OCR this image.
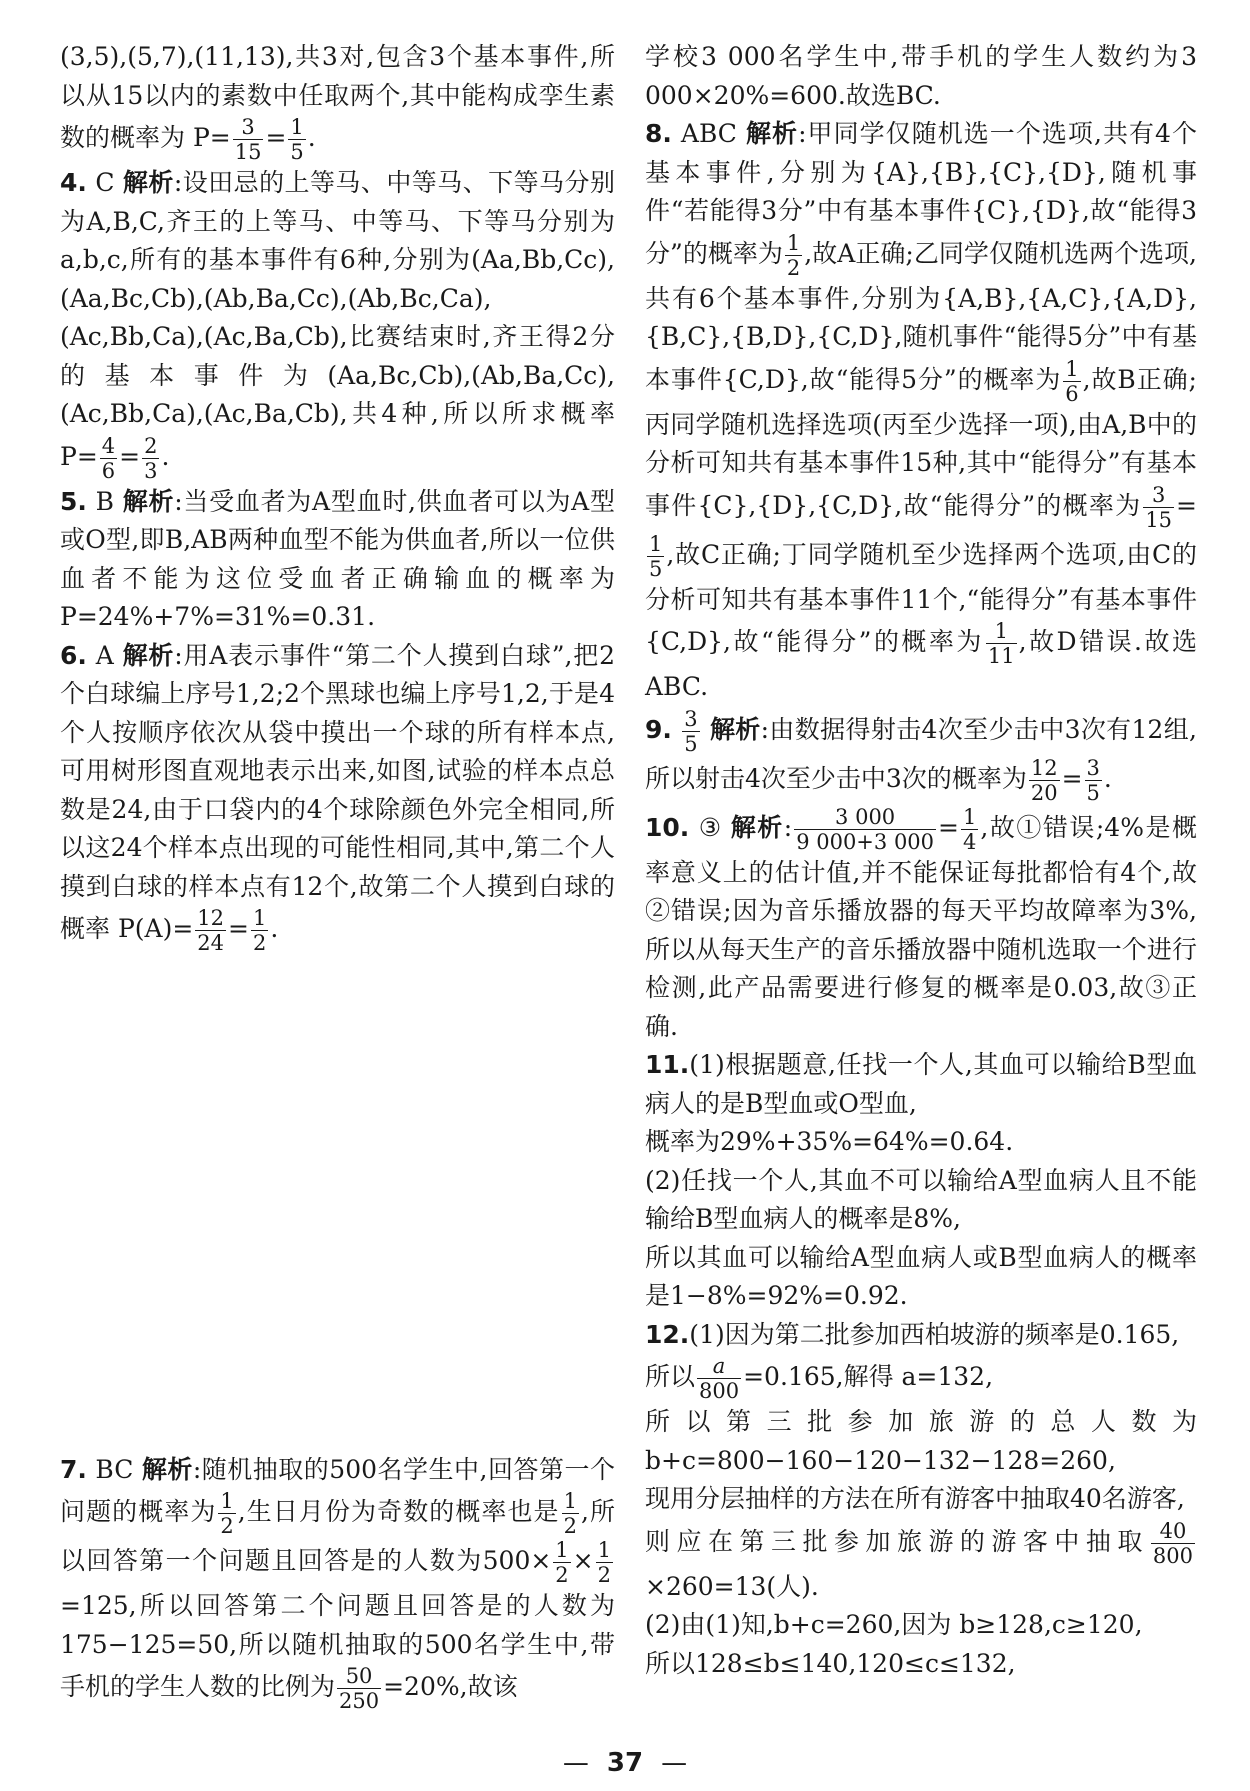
(3,5),(5,7),(11,13),共3对,包含3个基本事件,所以从15以内的素数中任取两个,其中能构成孪生素数的概率为 $P= \frac{3}{15} = \frac{1}{5}$ .

4. C 解析:设田忌的上等马、中等马、下等马分别为A,B,C,齐王的上等马、中等马、下等马分别为a,b,c,所有的基本事件有6种,分别为(Aa,Bb,Cc),(Aa,Bc,Cb),(Ab,Ba,Cc),(Ab,Bc,Ca),(Ac,Bb,Ca),(Ac,Ba,Cb),比赛结束时,齐王得2分的基本事件为(Aa,Bc,Cb),(Ab,Ba,Cc),(Ac,Bb,Ca),(Ac,Ba,Cb),共4种,所以所求概率 $P= \frac{4}{6} = \frac{2}{3}$ .

5. B 解析:当受血者为A型血时,供血者可以为A型或O型,即B,AB两种血型不能为供血者,所以一位供血者不能为这位受血者正确输血的概率为 P=24%+7%=31%=0.31.

6. A 解析:用A表示事件“第二个人摸到白球”,把2个白球编上序号1,2;2个黑球也编上序号1,2,于是4个人按顺序依次从袋中摸出一个球的所有样本点,可用树形图直观地表示出来,如图,试验的样本点总数是24,由于口袋内的4个球除颜色外完全相同,所以这24个样本点出现的可能性相同,其中,第二个人摸到白球的样本点有12个,故第二个人摸到白球的概率 $P(A)= \frac{12}{24} = \frac{1}{2}$ .

7. BC 解析:随机抽取的500名学生中,回答第一个问题的概率为 $\frac{1}{2}$ ,生日月份为奇数的概率也是 $\frac{1}{2}$ ,所以回答第一个问题且回答是的人数为$500\times \frac{1}{2} \times \frac{1}{2}$
=125,所以回答第二个问题且回答是的人数为175−125=50,所以随机抽取的500名学生中,带手机的学生人数的比例为 $\frac{50}{250} =20\%$,故该

学校3 000名学生中,带手机的学生人数约为3 000×20%=600.故选BC.

8. ABC 解析:甲同学仅随机选一个选项,共有4个基本事件,分别为{A},{B},{C},{D},随机事件“若能得3分”中有基本事件{C},{D},故“能得3分”的概率为 $\frac{1}{2}$ ,故A正确;乙同学仅随机选两个选项,共有6个基本事件,分别为{A,B},{A,C},{A,D},{B,C},{B,D},{C,D},随机事件“能得5分”中有基本事件{C,D},故“能得5分”的概率为 $\frac{1}{6}$ ,故B正确;丙同学随机选择选项(丙至少选择一项),由A,B中的分析可知共有基本事件15种,其中“能得分”有基本事件{C},{D},{C,D},故“能得分”的概率为 $\frac{3}{15}$ =
$\frac{1}{5}$ ,故C正确;丁同学随机至少选择两个选项,由C的分析可知共有基本事件11个,“能得分”有基本事件{C,D},故“能得分”的概率为 $\frac{1}{11}$ ,故D错误.故选ABC.

9. $\frac{3}{5}$ 解析:由数据得射击4次至少击中3次有12组,所以射击4次至少击中3次的概率为 $\frac{12}{20} = \frac{3}{5}$ .

10. ③ 解析: $\frac{3 000}{9 000+3 000} = \frac{1}{4}$ ,故①错误;4%是概率意义上的估计值,并不能保证每批都恰有4个,故②错误;因为音乐播放器的每天平均故障率为3%,所以从每天生产的音乐播放器中随机选取一个进行检测,此产品需要进行修复的概率是0.03,故③正确.

11.(1)根据题意,任找一个人,其血可以输给B型血病人的是B型血或O型血,

概率为29%+35%=64%=0.64.

(2)任找一个人,其血不可以输给A型血病人且不能输给B型血病人的概率是8%,

所以其血可以输给A型血病人或B型血病人的概率是1−8%=92%=0.92.

12.(1)因为第二批参加西柏坡游的频率是0.165,

所以 $\frac{a}{800} =0.165$,解得 a=132,

所以第三批参加旅游的总人数为 b+c=800−160−120−132−128=260,

现用分层抽样的方法在所有游客中抽取40名游客,

则应在第三批参加旅游的游客中抽取 $\frac{40}{800}$
×260=13(人).

(2)由(1)知,b+c=260,因为 b≥128,c≥120,

所以128≤b≤140,120≤c≤132,

— 37 —
